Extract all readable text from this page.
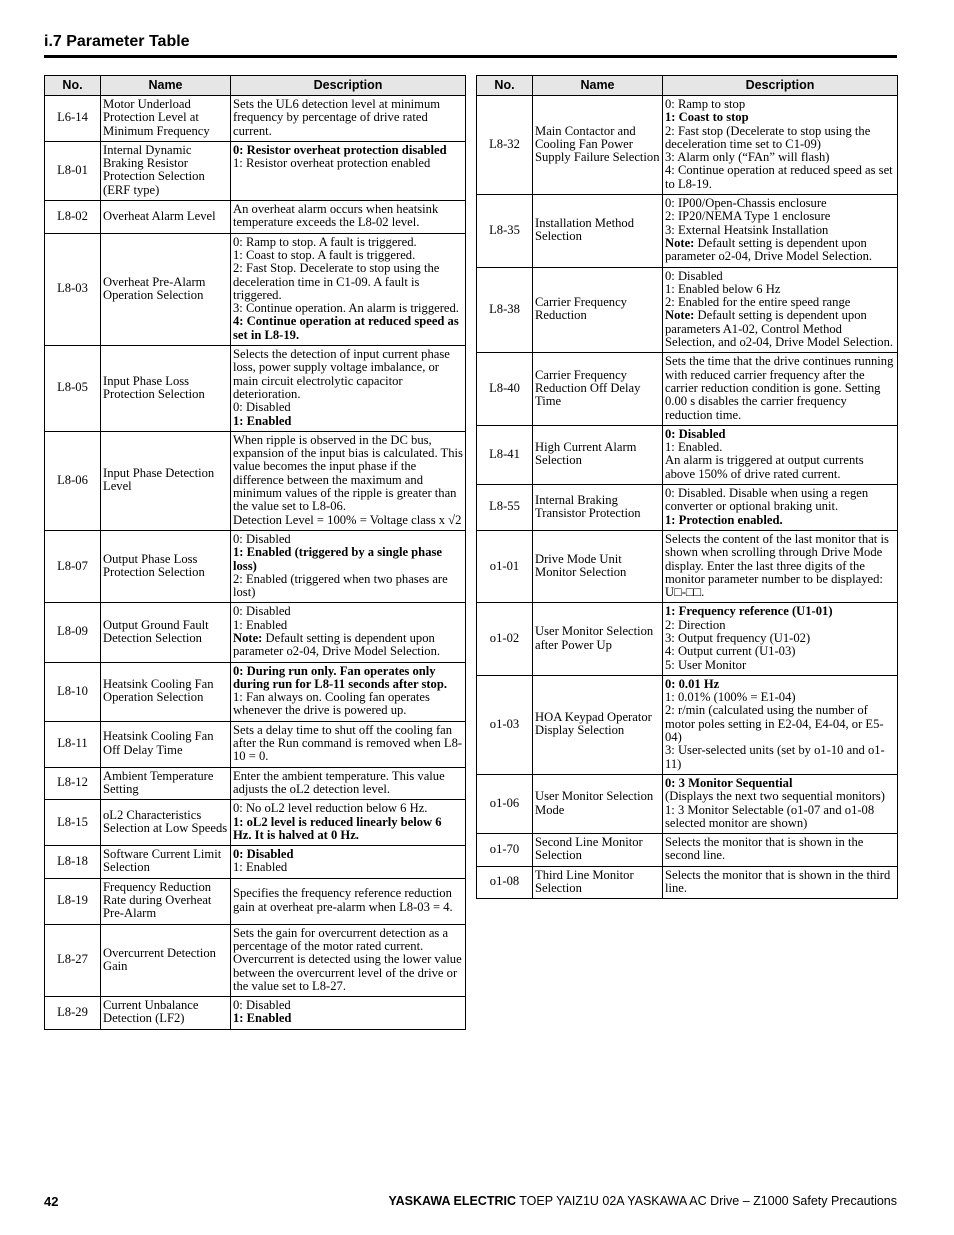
i.7 Parameter Table
No.	Name	Description
L6-14	Motor Underload Protection Level at Minimum Frequency	Sets the UL6 detection level at minimum frequency by percentage of drive rated current.

L8-01	Internal Dynamic Braking Resistor Protection Selection (ERF type)	0: Resistor overheat protection disabled
1: Resistor overheat protection enabled

L8-02	Overheat Alarm Level	An overheat alarm occurs when heatsink temperature exceeds the L8-02 level.

L8-03	Overheat Pre-Alarm Operation Selection	0: Ramp to stop. A fault is triggered.
1: Coast to stop. A fault is triggered.
2: Fast Stop. Decelerate to stop using the deceleration time in C1-09. A fault is triggered.
3: Continue operation. An alarm is triggered.
4: Continue operation at reduced speed as set in L8-19.

L8-05	Input Phase Loss Protection Selection	Selects the detection of input current phase loss, power supply voltage imbalance, or main circuit electrolytic capacitor deterioration.
0: Disabled
1: Enabled

L8-06	Input Phase Detection Level	When ripple is observed in the DC bus, expansion of the input bias is calculated. This value becomes the input phase if the difference between the maximum and minimum values of the ripple is greater than the value set to L8-06.
Detection Level = 100% = Voltage class x √2

L8-07	Output Phase Loss Protection Selection	0: Disabled
1: Enabled (triggered by a single phase loss)
2: Enabled (triggered when two phases are lost)

L8-09	Output Ground Fault Detection Selection	0: Disabled
1: Enabled
Note: Default setting is dependent upon parameter o2-04, Drive Model Selection.

L8-10	Heatsink Cooling Fan Operation Selection	0: During run only. Fan operates only during run for L8-11 seconds after stop.
1: Fan always on. Cooling fan operates whenever the drive is powered up.

L8-11	Heatsink Cooling Fan Off Delay Time	Sets a delay time to shut off the cooling fan after the Run command is removed when L8-10 = 0.

L8-12	Ambient Temperature Setting	Enter the ambient temperature. This value adjusts the oL2 detection level.

L8-15	oL2 Characteristics Selection at Low Speeds	0: No oL2 level reduction below 6 Hz.
1: oL2 level is reduced linearly below 6 Hz. It is halved at 0 Hz.

L8-18	Software Current Limit Selection	0: Disabled
1: Enabled

L8-19	Frequency Reduction Rate during Overheat Pre-Alarm	Specifies the frequency reference reduction gain at overheat pre-alarm when L8-03 = 4.

L8-27	Overcurrent Detection Gain	Sets the gain for overcurrent detection as a percentage of the motor rated current. Overcurrent is detected using the lower value between the overcurrent level of the drive or the value set to L8-27.

L8-29	Current Unbalance Detection (LF2)	0: Disabled
1: Enabled
No.	Name	Description
L8-32	Main Contactor and Cooling Fan Power Supply Failure Selection	0: Ramp to stop
1: Coast to stop
2: Fast stop (Decelerate to stop using the deceleration time set to C1-09)
3: Alarm only (“FAn” will flash)
4: Continue operation at reduced speed as set to L8-19.

L8-35	Installation Method Selection	0: IP00/Open-Chassis enclosure
2: IP20/NEMA Type 1 enclosure
3: External Heatsink Installation
Note: Default setting is dependent upon parameter o2-04, Drive Model Selection.

L8-38	Carrier Frequency Reduction	0: Disabled
1: Enabled below 6 Hz
2: Enabled for the entire speed range
Note: Default setting is dependent upon parameters A1-02, Control Method Selection, and o2-04, Drive Model Selection.

L8-40	Carrier Frequency Reduction Off Delay Time	Sets the time that the drive continues running with reduced carrier frequency after the carrier reduction condition is gone. Setting 0.00 s disables the carrier frequency reduction time.

L8-41	High Current Alarm Selection	0: Disabled
1: Enabled.
An alarm is triggered at output currents above 150% of drive rated current.

L8-55	Internal Braking Transistor Protection	0: Disabled. Disable when using a regen converter or optional braking unit.
1: Protection enabled.

o1-01	Drive Mode Unit Monitor Selection	Selects the content of the last monitor that is shown when scrolling through Drive Mode display. Enter the last three digits of the monitor parameter number to be displayed: U□-□□.

o1-02	User Monitor Selection after Power Up	1: Frequency reference (U1-01)
2: Direction
3: Output frequency (U1-02)
4: Output current (U1-03)
5: User Monitor

o1-03	HOA Keypad Operator Display Selection	0: 0.01 Hz
1: 0.01% (100% = E1-04)
2: r/min (calculated using the number of motor poles setting in E2-04, E4-04, or E5-04)
3: User-selected units (set by o1-10 and o1-11)

o1-06	User Monitor Selection Mode	0: 3 Monitor Sequential
(Displays the next two sequential monitors)
1: 3 Monitor Selectable (o1-07 and o1-08 selected monitor are shown)

o1-70	Second Line Monitor Selection	Selects the monitor that is shown in the second line.

o1-08	Third Line Monitor Selection	Selects the monitor that is shown in the third line.
42	YASKAWA ELECTRIC TOEP YAIZ1U 02A YASKAWA AC Drive – Z1000 Safety Precautions
